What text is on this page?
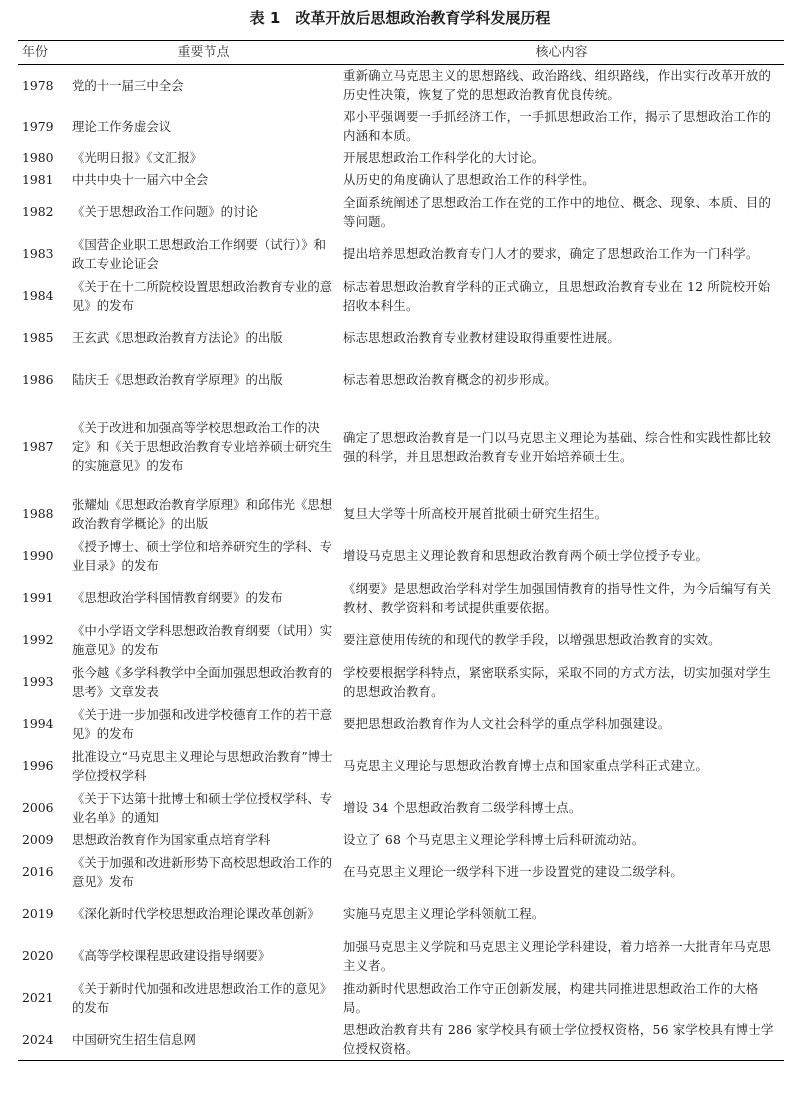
表 1　改革开放后思想政治教育学科发展历程
年份	重要节点	核心内容
1978	党的十一届三中全会	重新确立马克思主义的思想路线、政治路线、组织路线，作出实行改革开放的历史性决策，恢复了党的思想政治教育优良传统。
1979	理论工作务虚会议	邓小平强调要一手抓经济工作，一手抓思想政治工作，揭示了思想政治工作的内涵和本质。
1980	《光明日报》《文汇报》	开展思想政治工作科学化的大讨论。
1981	中共中央十一届六中全会	从历史的角度确认了思想政治工作的科学性。
1982	《关于思想政治工作问题》的讨论	全面系统阐述了思想政治工作在党的工作中的地位、概念、现象、本质、目的等问题。
1983	《国营企业职工思想政治工作纲要（试行）》和政工专业论证会	提出培养思想政治教育专门人才的要求，确定了思想政治工作为一门科学。
1984	《关于在十二所院校设置思想政治教育专业的意见》的发布	标志着思想政治教育学科的正式确立，且思想政治教育专业在 12 所院校开始招收本科生。
1985	王玄武《思想政治教育方法论》的出版	标志思想政治教育专业教材建设取得重要性进展。
1986	陆庆壬《思想政治教育学原理》的出版	标志着思想政治教育概念的初步形成。
1987	《关于改进和加强高等学校思想政治工作的决定》和《关于思想政治教育专业培养硕士研究生的实施意见》的发布	确定了思想政治教育是一门以马克思主义理论为基础、综合性和实践性都比较强的科学，并且思想政治教育专业开始培养硕士生。
1988	张耀灿《思想政治教育学原理》和邱伟光《思想政治教育学概论》的出版	复旦大学等十所高校开展首批硕士研究生招生。
1990	《授予博士、硕士学位和培养研究生的学科、专业目录》的发布	增设马克思主义理论教育和思想政治教育两个硕士学位授予专业。
1991	《思想政治学科国情教育纲要》的发布	《纲要》是思想政治学科对学生加强国情教育的指导性文件，为今后编写有关教材、教学资料和考试提供重要依据。
1992	《中小学语文学科思想政治教育纲要（试用）实施意见》的发布	要注意使用传统的和现代的教学手段，以增强思想政治教育的实效。
1993	张今越《多学科教学中全面加强思想政治教育的思考》文章发表	学校要根据学科特点，紧密联系实际，采取不同的方式方法，切实加强对学生的思想政治教育。
1994	《关于进一步加强和改进学校德育工作的若干意见》的发布	要把思想政治教育作为人文社会科学的重点学科加强建设。
1996	批准设立“马克思主义理论与思想政治教育”博士学位授权学科	马克思主义理论与思想政治教育博士点和国家重点学科正式建立。
2006	《关于下达第十批博士和硕士学位授权学科、专业名单》的通知	增设 34 个思想政治教育二级学科博士点。
2009	思想政治教育作为国家重点培育学科	设立了 68 个马克思主义理论学科博士后科研流动站。
2016	《关于加强和改进新形势下高校思想政治工作的意见》发布	在马克思主义理论一级学科下进一步设置党的建设二级学科。
2019	《深化新时代学校思想政治理论课改革创新》	实施马克思主义理论学科领航工程。
2020	《高等学校课程思政建设指导纲要》	加强马克思主义学院和马克思主义理论学科建设，着力培养一大批青年马克思主义者。
2021	《关于新时代加强和改进思想政治工作的意见》的发布	推动新时代思想政治工作守正创新发展，构建共同推进思想政治工作的大格局。
2024	中国研究生招生信息网	思想政治教育共有 286 家学校具有硕士学位授权资格，56 家学校具有博士学位授权资格。
